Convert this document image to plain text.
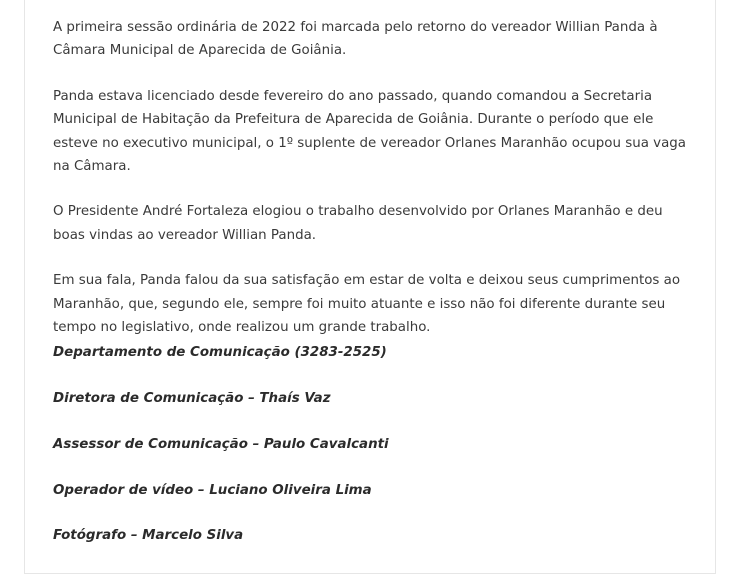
A primeira sessão ordinária de 2022 foi marcada pelo retorno do vereador Willian Panda à Câmara Municipal de Aparecida de Goiânia.

Panda estava licenciado desde fevereiro do ano passado, quando comandou a Secretaria Municipal de Habitação da Prefeitura de Aparecida de Goiânia. Durante o período que ele esteve no executivo municipal, o 1º suplente de vereador Orlanes Maranhão ocupou sua vaga na Câmara.

O Presidente André Fortaleza elogiou o trabalho desenvolvido por Orlanes Maranhão e deu boas vindas ao vereador Willian Panda.

Em sua fala, Panda falou da sua satisfação em estar de volta e deixou seus cumprimentos ao Maranhão, que, segundo ele, sempre foi muito atuante e isso não foi diferente durante seu tempo no legislativo, onde realizou um grande trabalho.

Departamento de Comunicação (3283-2525)

Diretora de Comunicação – Thaís Vaz

Assessor de Comunicação – Paulo Cavalcanti

Operador de vídeo – Luciano Oliveira Lima

Fotógrafo – Marcelo Silva
